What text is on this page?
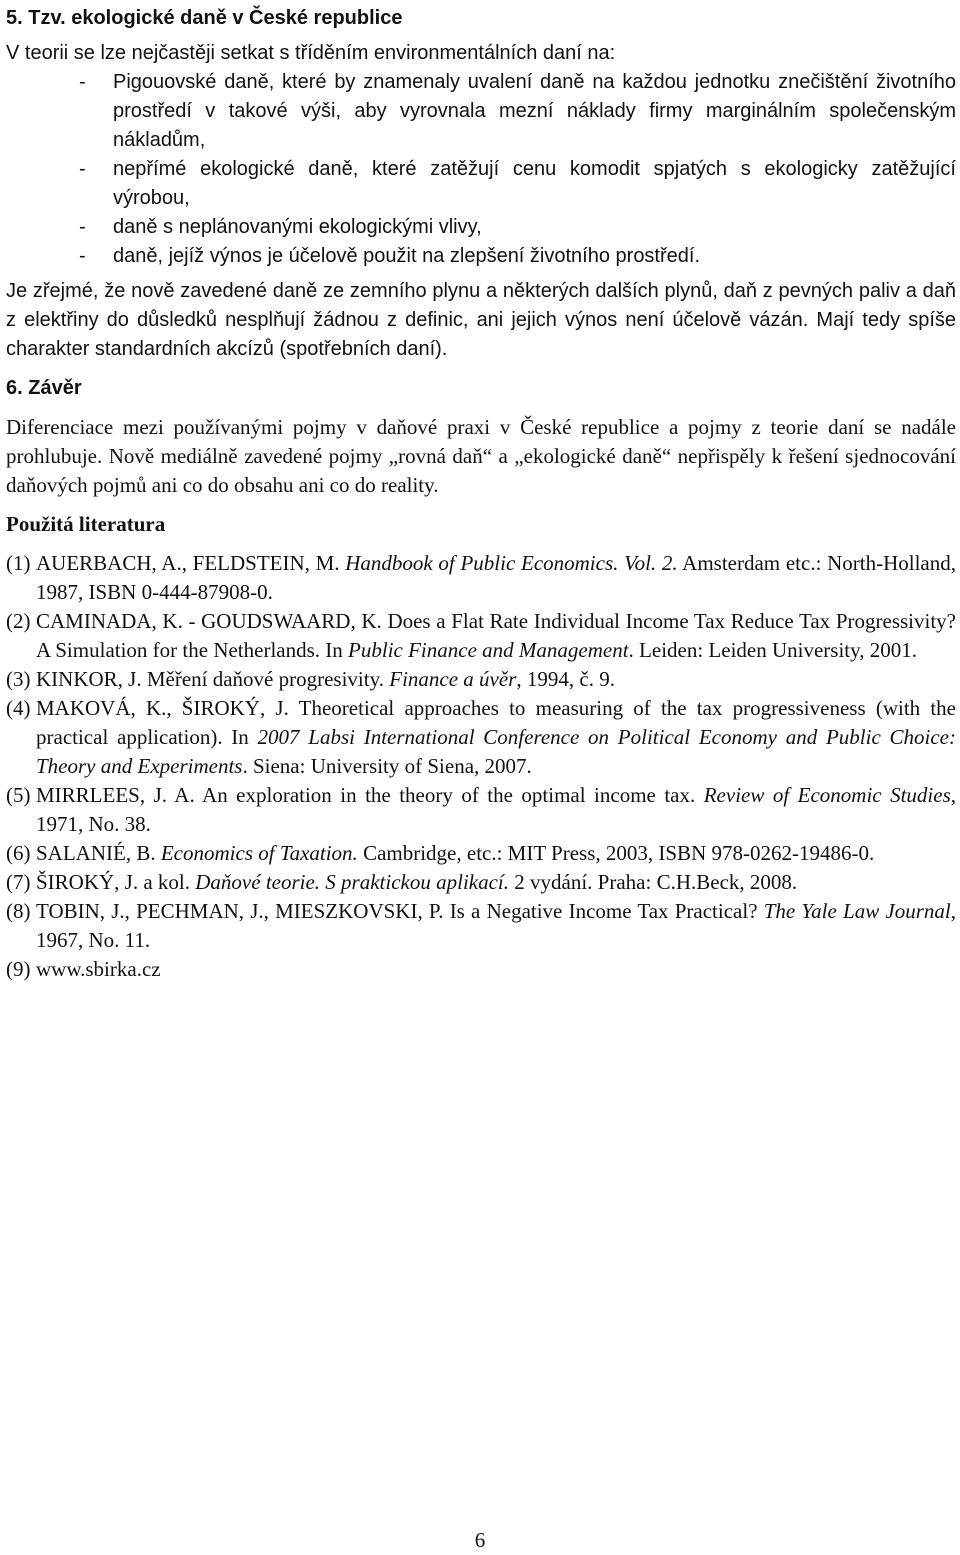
5. Tzv. ekologické daně v České republice

V teorii se lze nejčastěji setkat s tříděním environmentálních daní na:

- Pigouovské daně, které by znamenaly uvalení daně na každou jednotku znečištění životního prostředí v takové výši, aby vyrovnala mezní náklady firmy marginálním společenským nákladům,
- nepřímé ekologické daně, které zatěžují cenu komodit spjatých s ekologicky zatěžující výrobou,
- daně s neplánovanými ekologickými vlivy,
- daně, jejíž výnos je účelově použit na zlepšení životního prostředí.

Je zřejmé, že nově zavedené daně ze zemního plynu a některých dalších plynů, daň z pevných paliv a daň z elektřiny do důsledků nesplňují žádnou z definic, ani jejich výnos není účelově vázán. Mají tedy spíše charakter standardních akcízů (spotřebních daní).

6. Závěr

Diferenciace mezi používanými pojmy v daňové praxi v České republice a pojmy z teorie daní se nadále prohlubuje. Nově mediálně zavedené pojmy „rovná daň“ a „ekologické daně“ nepřispěly k řešení sjednocování daňových pojmů ani co do obsahu ani co do reality.

Použitá literatura
(1) AUERBACH, A., FELDSTEIN, M. Handbook of Public Economics. Vol. 2. Amsterdam etc.: North-Holland, 1987, ISBN 0-444-87908-0.
(2) CAMINADA, K. - GOUDSWAARD, K. Does a Flat Rate Individual Income Tax Reduce Tax Progressivity? A Simulation for the Netherlands. In Public Finance and Management. Leiden: Leiden University, 2001.
(3) KINKOR, J. Měření daňové progresivity. Finance a úvěr, 1994, č. 9.
(4) MAKOVÁ, K., ŠIROKÝ, J. Theoretical approaches to measuring of the tax progressiveness (with the practical application). In 2007 Labsi International Conference on Political Economy and Public Choice: Theory and Experiments. Siena: University of Siena, 2007.
(5) MIRRLEES, J. A. An exploration in the theory of the optimal income tax. Review of Economic Studies, 1971, No. 38.
(6) SALANIÉ, B. Economics of Taxation. Cambridge, etc.: MIT Press, 2003, ISBN 978-0262-19486-0.
(7) ŠIROKÝ, J. a kol. Daňové teorie. S praktickou aplikací. 2 vydání. Praha: C.H.Beck, 2008.
(8) TOBIN, J., PECHMAN, J., MIESZKOVSKI, P. Is a Negative Income Tax Practical? The Yale Law Journal, 1967, No. 11.
(9) www.sbirka.cz
6
